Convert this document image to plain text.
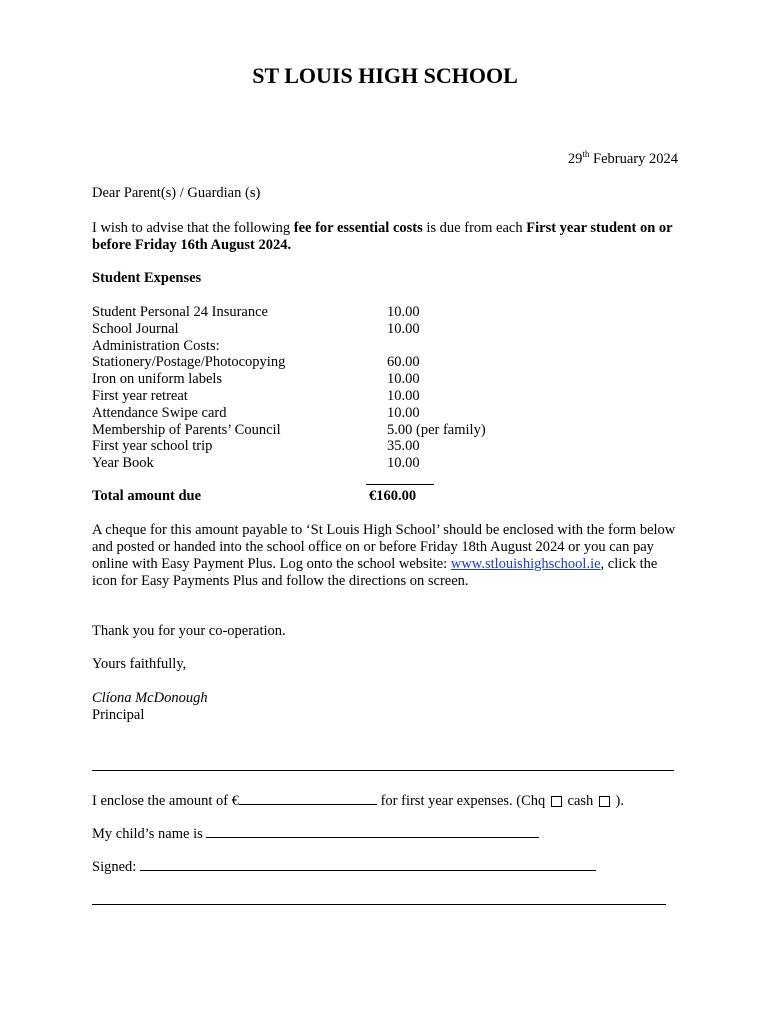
ST LOUIS HIGH SCHOOL
29th February 2024
Dear Parent(s) / Guardian (s)
I wish to advise that the following fee for essential costs is due from each First year student on or before Friday 16th August 2024.
Student Expenses
Student Personal 24 Insurance	10.00
School Journal	10.00
Administration Costs:
Stationery/Postage/Photocopying	60.00
Iron on uniform labels	10.00
First year retreat	10.00
Attendance Swipe card	10.00
Membership of Parents’ Council	5.00 (per family)
First year school trip	35.00
Year Book	10.00
Total amount due	€160.00
A cheque for this amount payable to ‘St Louis High School’ should be enclosed with the form below and posted or handed into the school office on or before Friday 18th August 2024 or you can pay online with Easy Payment Plus. Log onto the school website: www.stlouishighschool.ie, click the icon for Easy Payments Plus and follow the directions on screen.
Thank you for your co-operation.
Yours faithfully,
Clíona McDonough
Principal
I enclose the amount of €	for first year expenses. (Chq cash  ).
My child’s name is
Signed:
